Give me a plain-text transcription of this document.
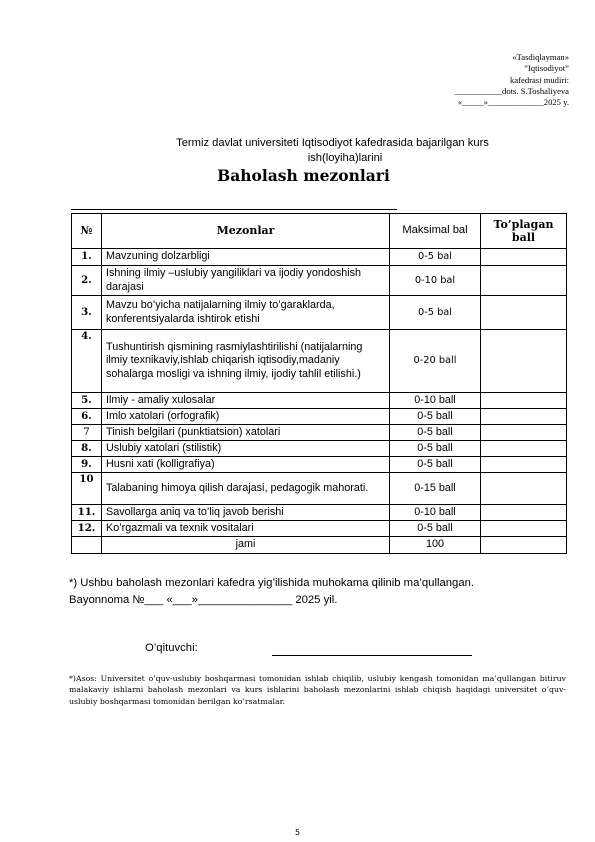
«Tasdiqlayman»
”Iqtisodiyot”
kafedrasi mudiri:
___________dots. S.Toshaliyeva
«_____»_____________2025 y.
Termiz davlat universiteti Iqtisodiyot kafedrasida bajarilgan kurs
ish(loyiha)larini
Baholash mezonlari
№	Mezonlar	Maksimal bal	To’plagan ball
1.	Mavzuning dolzarbligi	0-5 bal	
2.	Ishning ilmiy –uslubiy yangiliklari va ijodiy yondoshish darajasi	0-10 bal	
3.	Mavzu bo’yicha natijalarning ilmiy to’garaklarda, konferentsiyalarda ishtirok etishi	0-5 bal	
4.	Tushuntirish qismining rasmiylashtirilishi (natijalarning ilmiy texnikaviy,ishlab chiqarish iqtisodiy,madaniy sohalarga mosligi va ishning ilmiy, ijodiy tahlil etilishi.)	0-20 ball	
5.	Ilmiy - amaliy xulosalar	0-10 ball	
6.	Imlo xatolari (orfografik)	0-5 ball	
7	Tinish belgilari (punktiatsion) xatolari	0-5 ball	
8.	Uslubiy xatolari (stilistik)	0-5 ball	
9.	Husni xati (kolligrafiya)	0-5 ball	
10	Talabaning himoya qilish darajasi, pedagogik mahorati.	0-15 ball	
11.	Savollarga aniq va to’liq javob berishi	0-10 ball	
12.	Ko’rgazmali va texnik vositalari	0-5 ball	
	jami	100	
*) Ushbu baholash mezonlari kafedra yig’ilishida muhokama qilinib ma’qullangan.
Bayonnoma №___ «___»_______________ 2025 yil.
O’qituvchi:
*)Asos: Universitet o’quv-uslubiy boshqarmasi tomonidan ishlab chiqilib, uslubiy kengash tomonidan ma’qullangan bitiruv malakaviy ishlarni baholash mezonlari va kurs ishlarini baholash mezonlarini ishlab chiqish haqidagi universitet o’quv-uslubiy boshqarmasi tomonidan berilgan ko’rsatmalar.
5
